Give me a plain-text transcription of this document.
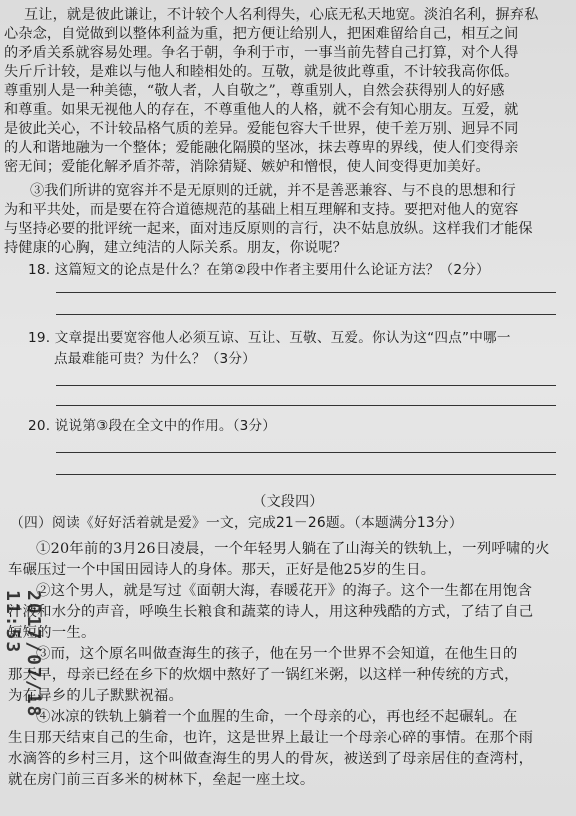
互让，就是彼此谦让，不计较个人名利得失，心底无私天地宽。淡泊名利，摒弃私
心杂念，自觉做到以整体利益为重，把方便让给别人，把困难留给自己，相互之间
的矛盾关系就容易处理。争名于朝，争利于市，一事当前先替自己打算，对个人得
失斤斤计较，是难以与他人和睦相处的。互敬，就是彼此尊重，不计较我高你低。
尊重别人是一种美德，“敬人者，人自敬之”，尊重别人，自然会获得别人的好感
和尊重。如果无视他人的存在，不尊重他人的人格，就不会有知心朋友。互爱，就
是彼此关心，不计较品格气质的差异。爱能包容大千世界，使千差万别、迥异不同
的人和谐地融为一个整体；爱能融化隔膜的坚冰，抹去尊卑的界线，使人们变得亲
密无间；爱能化解矛盾芥蒂，消除猜疑、嫉妒和憎恨，使人间变得更加美好。
③我们所讲的宽容并不是无原则的迁就，并不是善恶兼容、与不良的思想和行
为和平共处，而是要在符合道德规范的基础上相互理解和支持。要把对他人的宽容
与坚持必要的批评统一起来，面对违反原则的言行，决不姑息放纵。这样我们才能保
持健康的心胸，建立纯洁的人际关系。朋友，你说呢？
18. 这篇短文的论点是什么？在第②段中作者主要用什么论证方法？（2分）
19. 文章提出要宽容他人必须互谅、互让、互敬、互爱。你认为这“四点”中哪一
点最难能可贵？为什么？（3分）
20. 说说第③段在全文中的作用。（3分）
（文段四）
（四）阅读《好好活着就是爱》一文，完成21－26题。（本题满分13分）
①20年前的3月26日凌晨，一个年轻男人躺在了山海关的铁轨上，一列呼啸的火
车碾压过一个中国田园诗人的身体。那天，正好是他25岁的生日。
②这个男人，就是写过《面朝大海，春暖花开》的海子。这个一生都在用饱含
汁液和水分的声音，呼唤生长粮食和蔬菜的诗人，用这种残酷的方式，了结了自己
短短的一生。
③而，这个原名叫做查海生的孩子，他在另一个世界不会知道，在他生日的
那天早，母亲已经在乡下的炊烟中熬好了一锅红米粥，以这样一种传统的方式，
为在异乡的儿子默默祝福。
④冰凉的铁轨上躺着一个血腥的生命，一个母亲的心，再也经不起碾轧。在
生日那天结束自己的生命，也许，这是世界上最让一个母亲心碎的事情。在那个雨
水滴答的乡村三月，这个叫做查海生的男人的骨灰，被送到了母亲居住的查湾村，
就在房门前三百多米的树林下，垒起一座土坟。
2017/07/18 11:53
